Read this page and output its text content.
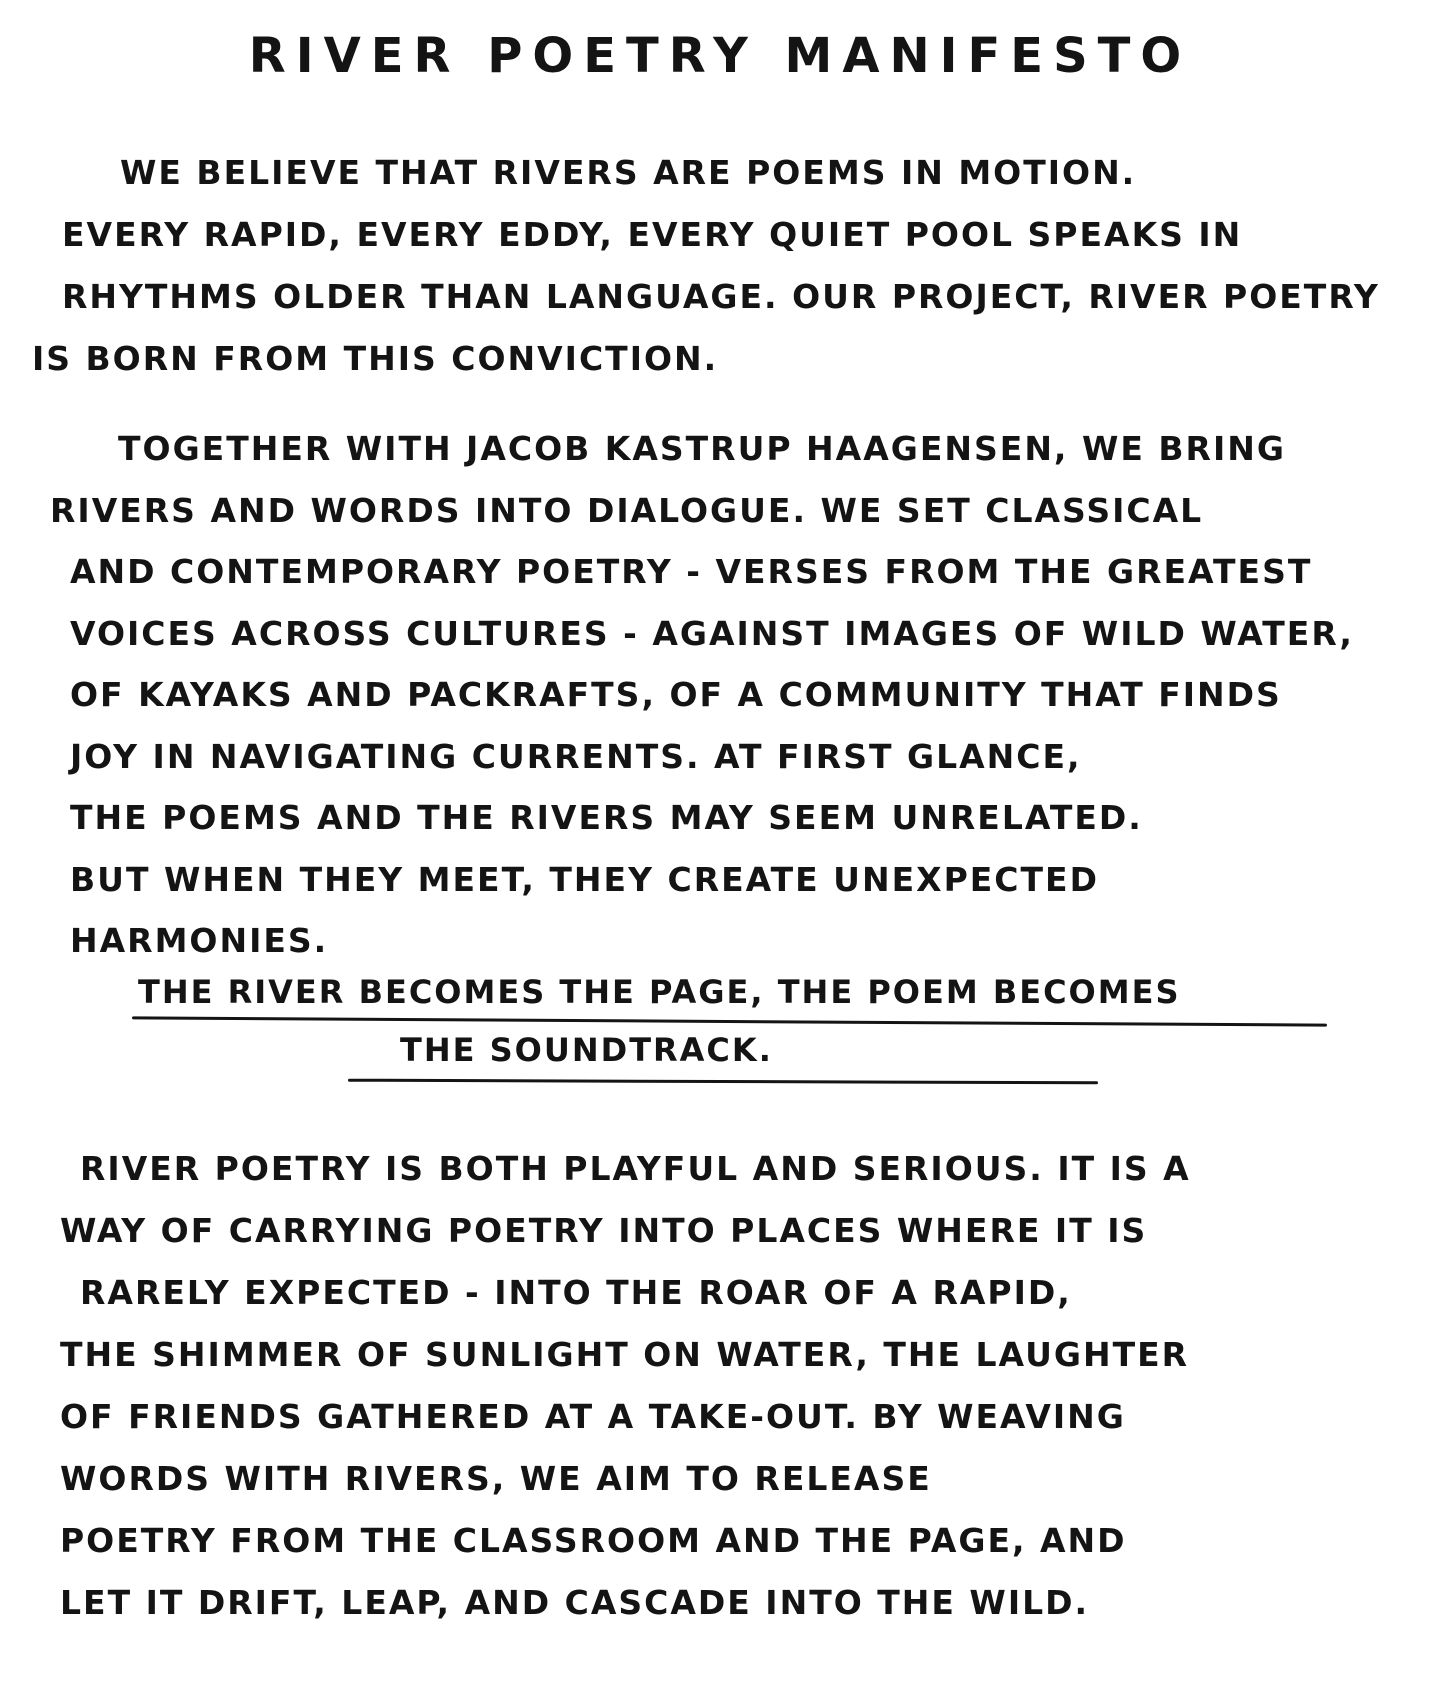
RIVER POETRY MANIFESTO

WE BELIEVE THAT RIVERS ARE POEMS IN MOTION.
EVERY RAPID, EVERY EDDY, EVERY QUIET POOL SPEAKS IN
RHYTHMS OLDER THAN LANGUAGE. OUR PROJECT, RIVER POETRY
IS BORN FROM THIS CONVICTION.

TOGETHER WITH JACOB KASTRUP HAAGENSEN, WE BRING
RIVERS AND WORDS INTO DIALOGUE. WE SET CLASSICAL
AND CONTEMPORARY POETRY - VERSES FROM THE GREATEST
VOICES ACROSS CULTURES - AGAINST IMAGES OF WILD WATER,
OF KAYAKS AND PACKRAFTS, OF A COMMUNITY THAT FINDS
JOY IN NAVIGATING CURRENTS. AT FIRST GLANCE,
THE POEMS AND THE RIVERS MAY SEEM UNRELATED.
BUT WHEN THEY MEET, THEY CREATE UNEXPECTED
HARMONIES.

THE RIVER BECOMES THE PAGE, THE POEM BECOMES
THE SOUNDTRACK.

RIVER POETRY IS BOTH PLAYFUL AND SERIOUS. IT IS A
WAY OF CARRYING POETRY INTO PLACES WHERE IT IS
RARELY EXPECTED - INTO THE ROAR OF A RAPID,
THE SHIMMER OF SUNLIGHT ON WATER, THE LAUGHTER
OF FRIENDS GATHERED AT A TAKE-OUT. BY WEAVING
WORDS WITH RIVERS, WE AIM TO RELEASE
POETRY FROM THE CLASSROOM AND THE PAGE, AND
LET IT DRIFT, LEAP, AND CASCADE INTO THE WILD.
